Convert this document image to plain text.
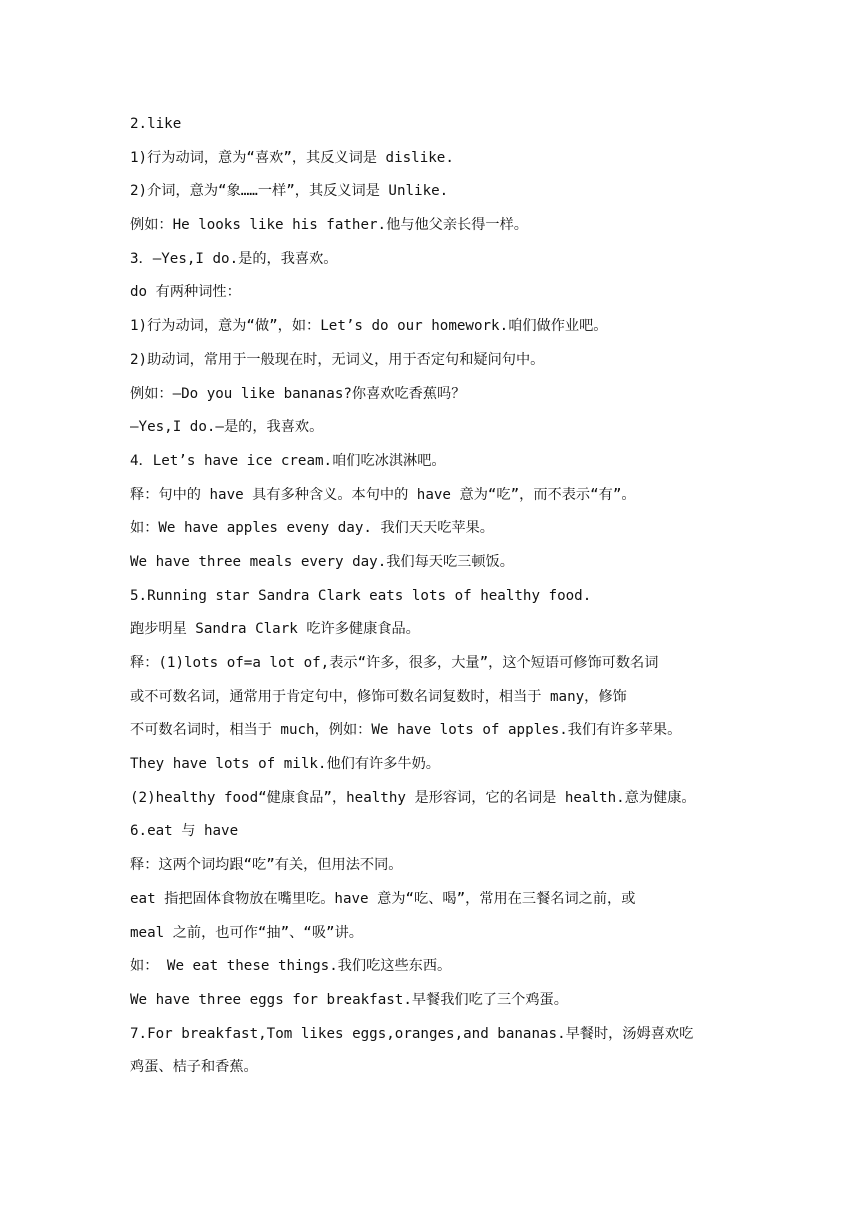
2.like
1)行为动词，意为“喜欢”，其反义词是 dislike.
2)介词，意为“象……一样”，其反义词是 Unlike.
例如：He looks like his father.他与他父亲长得一样。
3．—Yes,I do.是的，我喜欢。
do 有两种词性：
1)行为动词，意为“做”，如：Let’s do our homework.咱们做作业吧。
2)助动词，常用于一般现在时，无词义，用于否定句和疑问句中。
例如：—Do you like bananas?你喜欢吃香蕉吗？
—Yes,I do.—是的，我喜欢。
4．Let’s have ice cream.咱们吃冰淇淋吧。
释：句中的 have 具有多种含义。本句中的 have 意为“吃”，而不表示“有”。
如：We have apples eveny day. 我们天天吃苹果。
We have three meals every day.我们每天吃三顿饭。
5.Running star Sandra Clark eats lots of healthy food.
跑步明星 Sandra Clark 吃许多健康食品。
释：(1)lots of=a lot of,表示“许多，很多，大量”，这个短语可修饰可数名词
或不可数名词，通常用于肯定句中，修饰可数名词复数时，相当于 many，修饰
不可数名词时，相当于 much，例如：We have lots of apples.我们有许多苹果。
They have lots of milk.他们有许多牛奶。
(2)healthy food“健康食品”，healthy 是形容词，它的名词是 health.意为健康。
6.eat 与 have
释：这两个词均跟“吃”有关，但用法不同。
eat 指把固体食物放在嘴里吃。have 意为“吃、喝”，常用在三餐名词之前，或
meal 之前，也可作“抽”、“吸”讲。
如： We eat these things.我们吃这些东西。
We have three eggs for breakfast.早餐我们吃了三个鸡蛋。
7.For breakfast,Tom likes eggs,oranges,and bananas.早餐时，汤姆喜欢吃
鸡蛋、桔子和香蕉。
